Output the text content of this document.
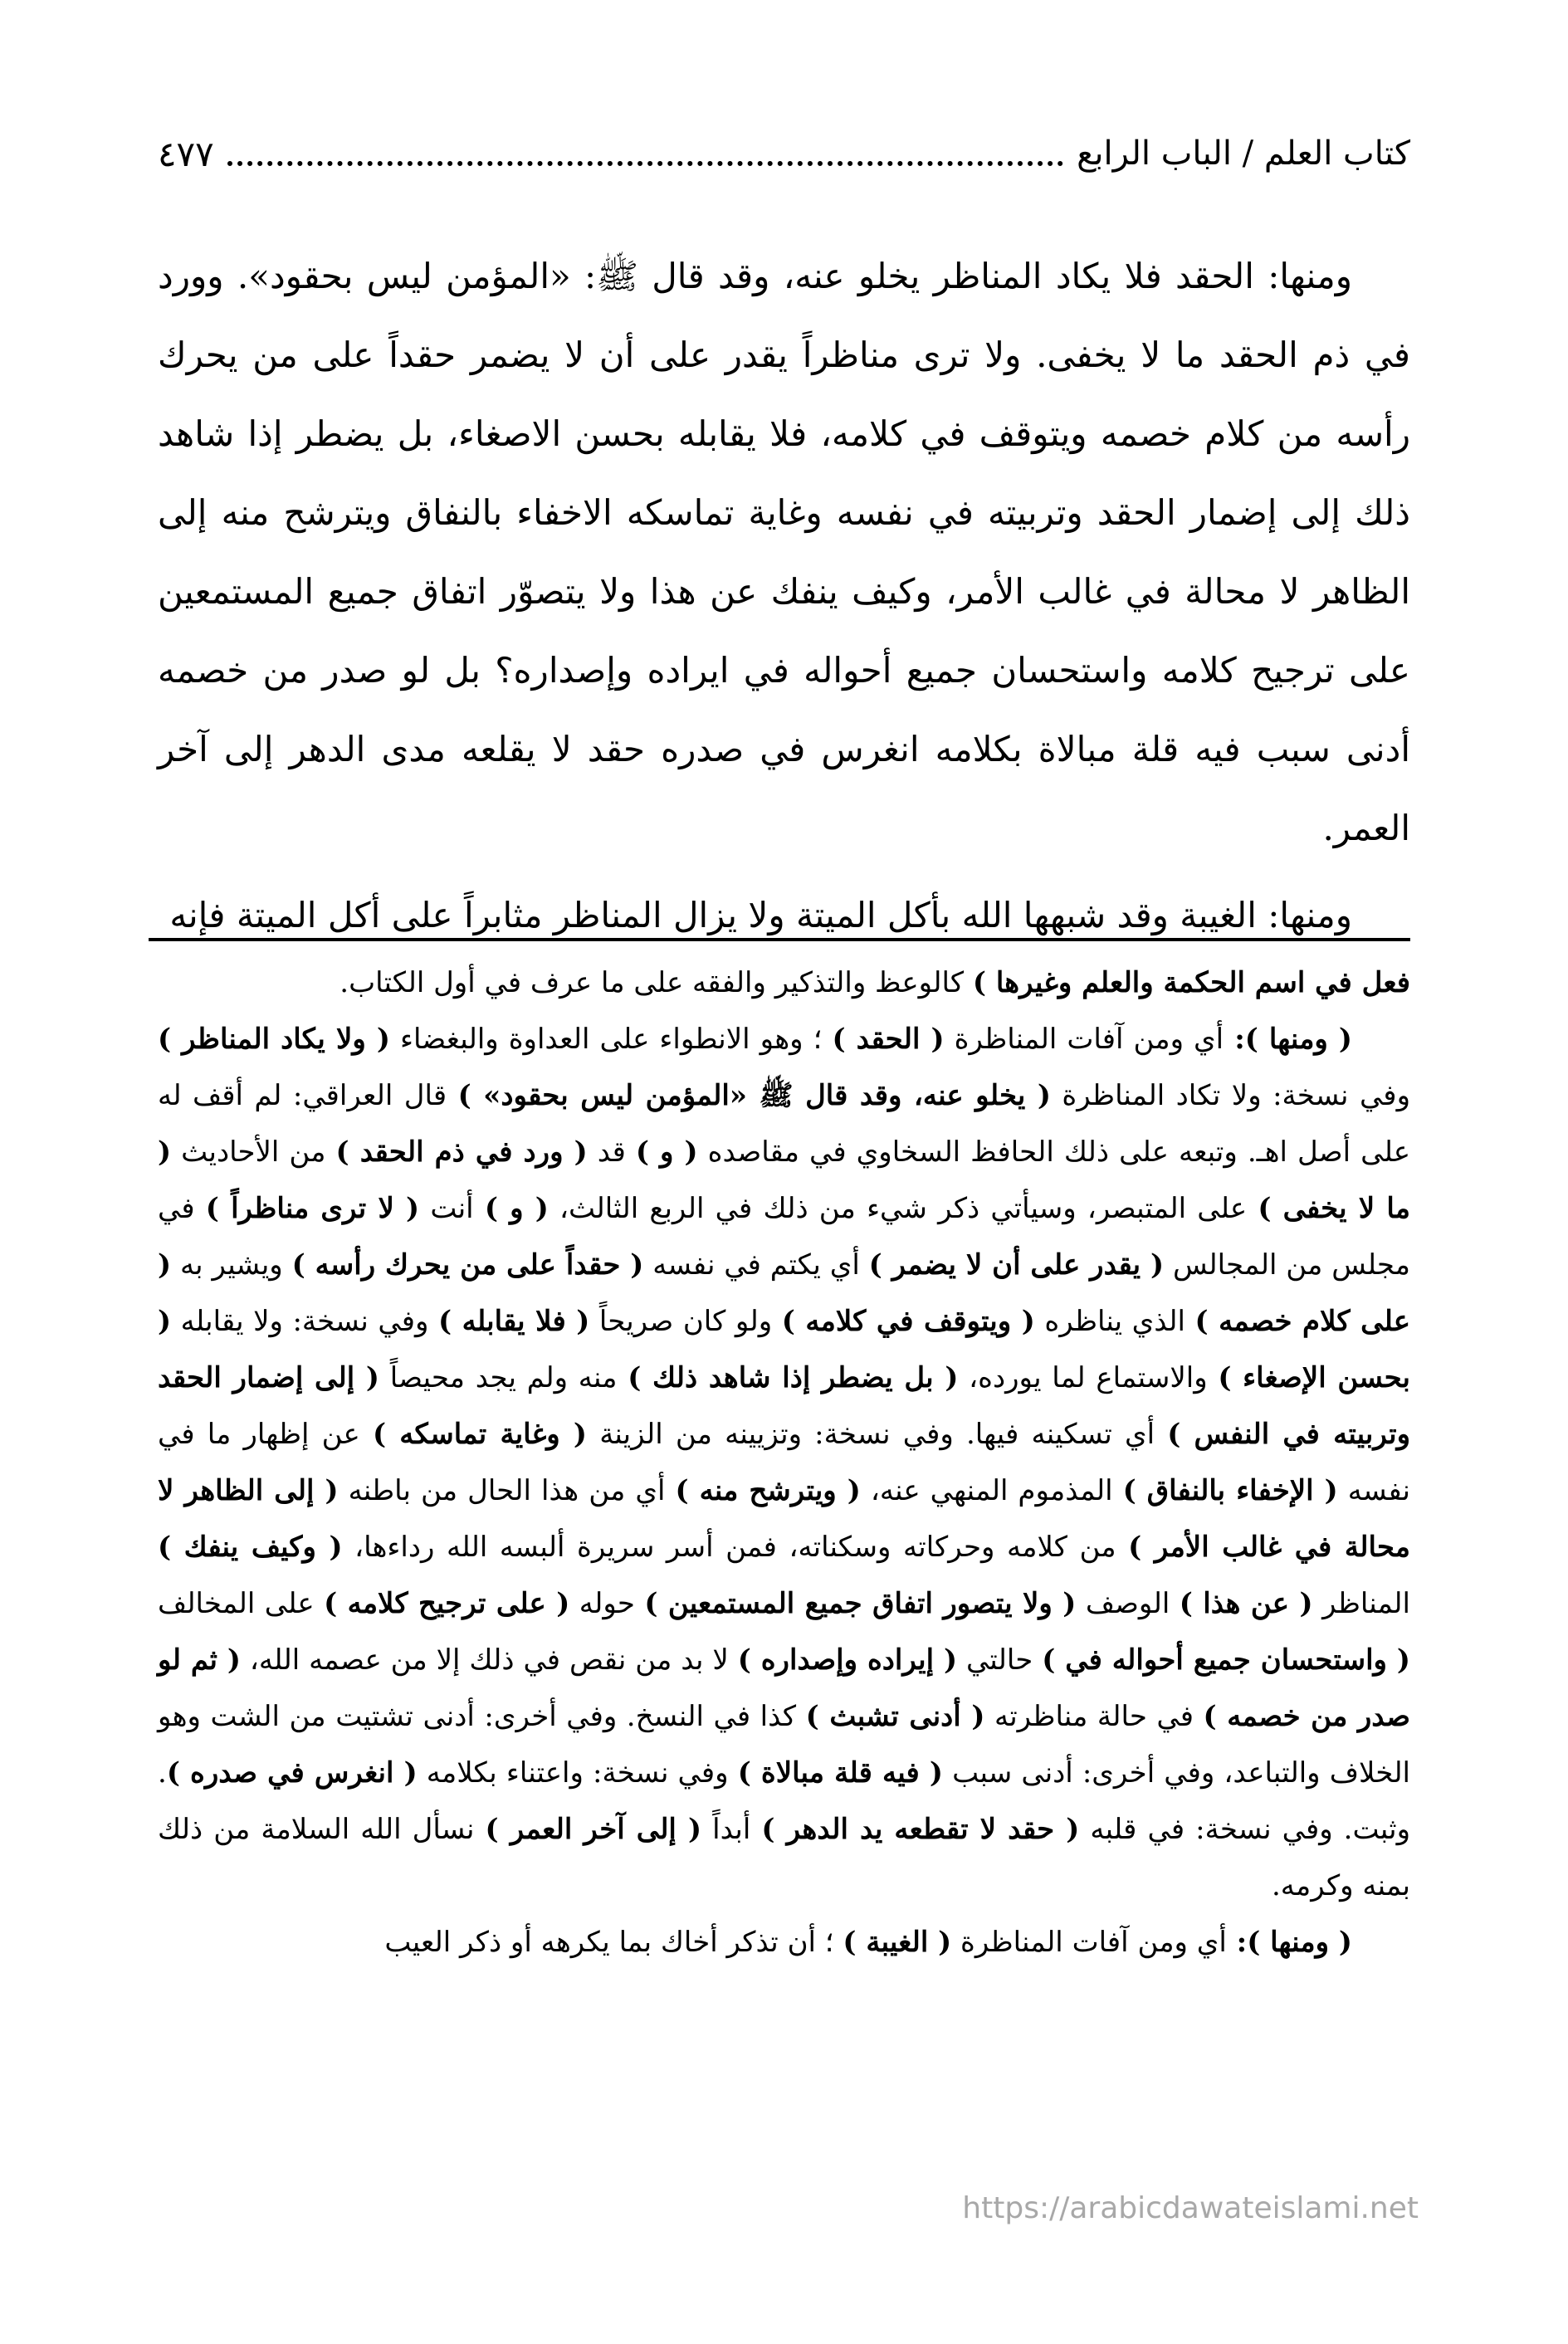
كتاب العلم / الباب الرابع
٤٧٧

ومنها: الحقد فلا يكاد المناظر يخلو عنه، وقد قال ﷺ: «المؤمن ليس بحقود». وورد في ذم الحقد ما لا يخفى. ولا ترى مناظراً يقدر على أن لا يضمر حقداً على من يحرك رأسه من كلام خصمه ويتوقف في كلامه، فلا يقابله بحسن الاصغاء، بل يضطر إذا شاهد ذلك إلى إضمار الحقد وتربيته في نفسه وغاية تماسكه الاخفاء بالنفاق ويترشح منه إلى الظاهر لا محالة في غالب الأمر، وكيف ينفك عن هذا ولا يتصوّر اتفاق جميع المستمعين على ترجيح كلامه واستحسان جميع أحواله في ايراده وإصداره؟ بل لو صدر من خصمه أدنى سبب فيه قلة مبالاة بكلامه انغرس في صدره حقد لا يقلعه مدى الدهر إلى آخر العمر.

ومنها: الغيبة وقد شبهها الله بأكل الميتة ولا يزال المناظر مثابراً على أكل الميتة فإنه

فعل في اسم الحكمة والعلم وغيرها ) كالوعظ والتذكير والفقه على ما عرف في أول الكتاب.

( ومنها ): أي ومن آفات المناظرة ( الحقد ) ؛ وهو الانطواء على العداوة والبغضاء ( ولا يكاد المناظر ) وفي نسخة: ولا تكاد المناظرة ( يخلو عنه، وقد قال ﷺ «المؤمن ليس بحقود» ) قال العراقي: لم أقف له على أصل اهـ. وتبعه على ذلك الحافظ السخاوي في مقاصده ( و ) قد ( ورد في ذم الحقد ) من الأحاديث ( ما لا يخفى ) على المتبصر، وسيأتي ذكر شيء من ذلك في الربع الثالث، ( و ) أنت ( لا ترى مناظراً ) في مجلس من المجالس ( يقدر على أن لا يضمر ) أي يكتم في نفسه ( حقداً على من يحرك رأسه ) ويشير به ( على كلام خصمه ) الذي يناظره ( ويتوقف في كلامه ) ولو كان صريحاً ( فلا يقابله ) وفي نسخة: ولا يقابله ( بحسن الإصغاء ) والاستماع لما يورده، ( بل يضطر إذا شاهد ذلك ) منه ولم يجد محيصاً ( إلى إضمار الحقد وتربيته في النفس ) أي تسكينه فيها. وفي نسخة: وتزيينه من الزينة ( وغاية تماسكه ) عن إظهار ما في نفسه ( الإخفاء بالنفاق ) المذموم المنهي عنه، ( ويترشح منه ) أي من هذا الحال من باطنه ( إلى الظاهر لا محالة في غالب الأمر ) من كلامه وحركاته وسكناته، فمن أسر سريرة ألبسه الله رداءها، ( وكيف ينفك ) المناظر ( عن هذا ) الوصف ( ولا يتصور اتفاق جميع المستمعين ) حوله ( على ترجيح كلامه ) على المخالف ( واستحسان جميع أحواله في ) حالتي ( إيراده وإصداره ) لا بد من نقص في ذلك إلا من عصمه الله، ( ثم لو صدر من خصمه ) في حالة مناظرته ( أدنى تشبث ) كذا في النسخ. وفي أخرى: أدنى تشتيت من الشت وهو الخلاف والتباعد، وفي أخرى: أدنى سبب ( فيه قلة مبالاة ) وفي نسخة: واعتناء بكلامه ( انغرس في صدره ). وثبت. وفي نسخة: في قلبه ( حقد لا تقطعه يد الدهر ) أبداً ( إلى آخر العمر ) نسأل الله السلامة من ذلك بمنه وكرمه.

( ومنها ): أي ومن آفات المناظرة ( الغيبة ) ؛ أن تذكر أخاك بما يكرهه أو ذكر العيب

https://arabicdawateislami.net
